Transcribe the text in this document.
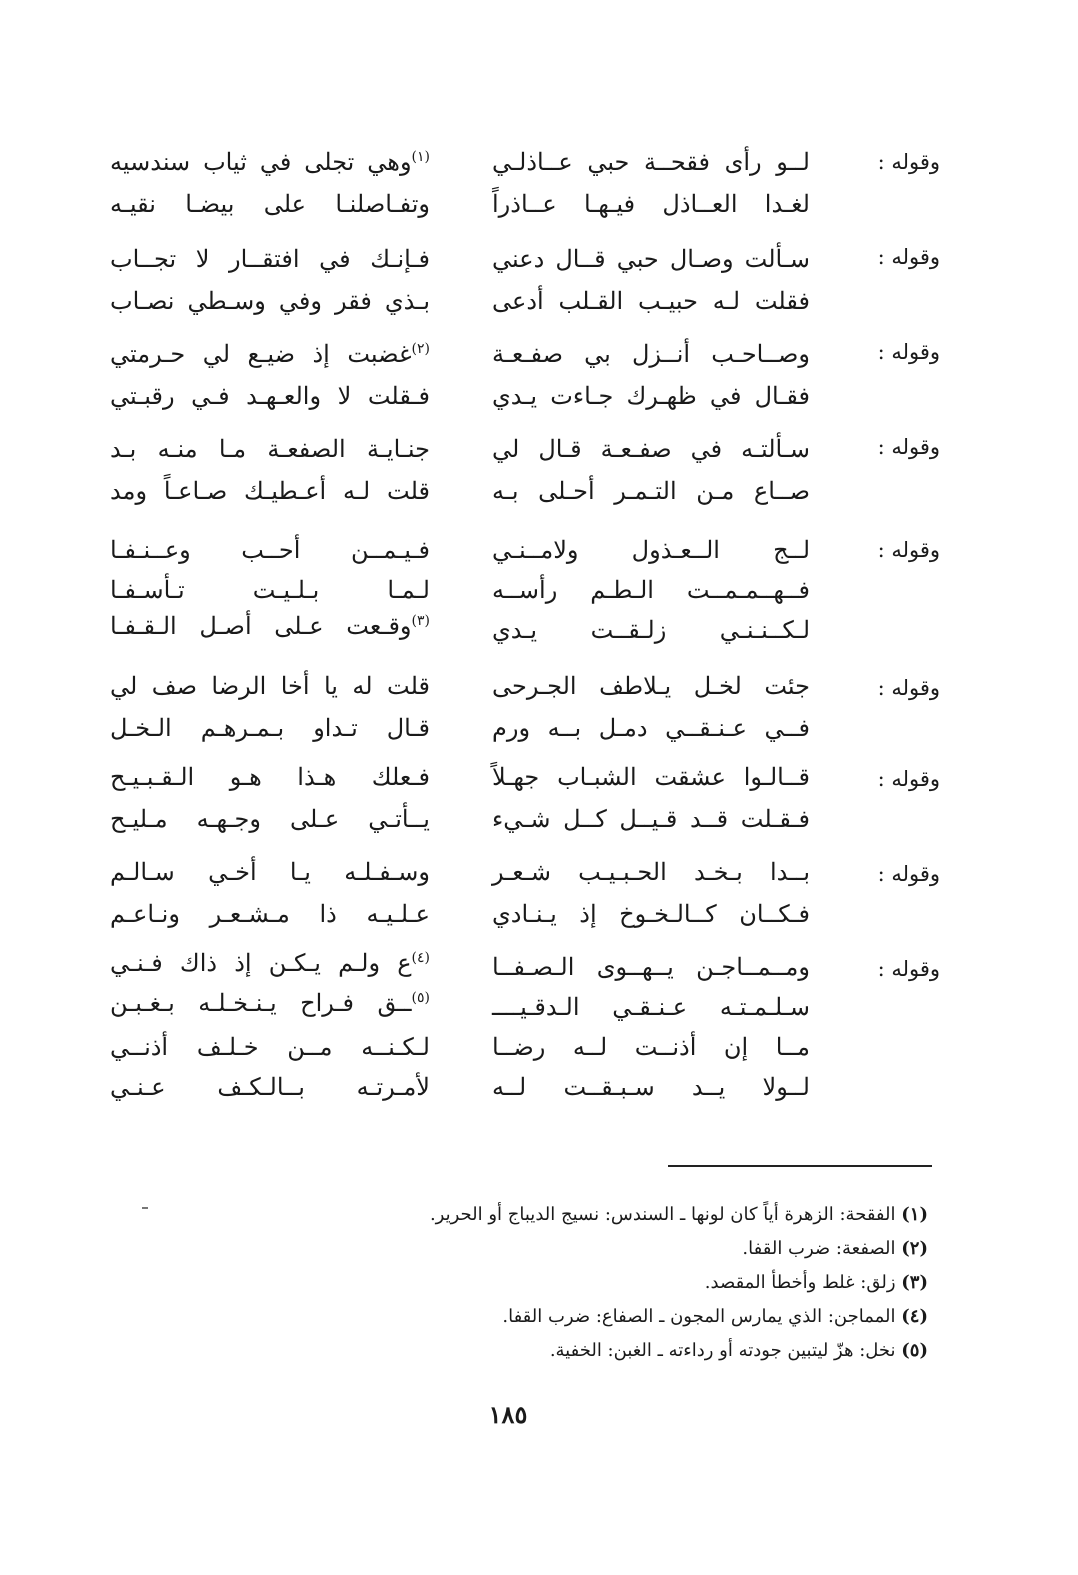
وقوله :
لــو رأى فقحــة حبي عــاذلـي
لغـدا العــاذل فيـهـا عــاذراً
$^{(١)}$وهي تجلى في ثياب سندسيه
وتفـاصلنـا على بيضـا نقيـه
وقوله :
سـألت وصـال حبي قــال دعني
فقلت لـه حبيـب القـلب أدعى
فـإنـك في افتقــار لا تجــاب
بـذي فقر وفي وسـطي نصـاب
وقوله :
وصــاحـب أنــزل بي صفـعـة
فقـال في ظهـرك جـاءت يـدي
$^{(٢)}$غضبت إذ ضيـع لي حـرمتي
فـقلت لا والعـهـد فـي رقبـتي
وقوله :
سـألتـه في صفـعـة قـال لي
صــاع مـن التـمـر أحـلى بـه
جنـايـة الصفعـة مـا منـه بـد
قلت لـه أعـطيـك صـاعـاً ومد
وقوله :
لــج الــعـذول ولامــنـي
فــهــمـمــت الـطـم رأســه
لـكــنـنـي زلـقــت يـدي
فـيـمــن أحــب وعــنـفـا
لـمـا بـلـيـت تـأسـفـا
$^{(٣)}$وقـعت عـلى أصـل الـقـفـا
وقوله :
جئت لخـل يـلاطف الجـرحى
فــي عـنـقــي دمـل بــه ورم
قلت له يا أخا الرضا صف لي
قـال تـداو بـمـرهـم الـخـل
وقوله :
قــالـوا عشقت الشبـاب جهـلاً
فـقـلت قــد قـيــل كــل شـيء
فـعلك هـذا هـو الـقـبـيـح
يــأتـي عـلى وجـهـه مـليـح
وقوله :
بــدا بـخـد الحـبـيـب شـعـر
فـكــان كــالـخـوخ إذ يـنـادي
وسـفـلـه يـا أخـي سـالـم
عـلـيـه ذا مـشـعـر ونـاعـم
وقوله :
ومــمــاجـن يــهــوى الـصـفــا
سـلـمـتـه عـنـقـي الـدقـيــــ
مــا إن أذنــت لــه رضــا
لــولا يــد سـبـقــت لــه
$^{(٤)}$ع ولـم يـكـن إذ ذاك فـنـي
$^{(٥)}$ــق فـراح يـنـخـلـه بـغـبـن
لـكـنــه مــن خـلـف أذنــي
لأمـرتـه بــالـكـف عـنـي
(١) الفقحة: الزهرة أياً كان لونها ـ السندس: نسيج الديباج أو الحرير.
(٢) الصفعة: ضرب القفا.
(٣) زلق: غلط وأخطأ المقصد.
(٤) المماجن: الذي يمارس المجون ـ الصفاع: ضرب القفا.
(٥) نخل: هزّ ليتبين جودته أو رداءته ـ الغبن: الخفية.
١٨٥
